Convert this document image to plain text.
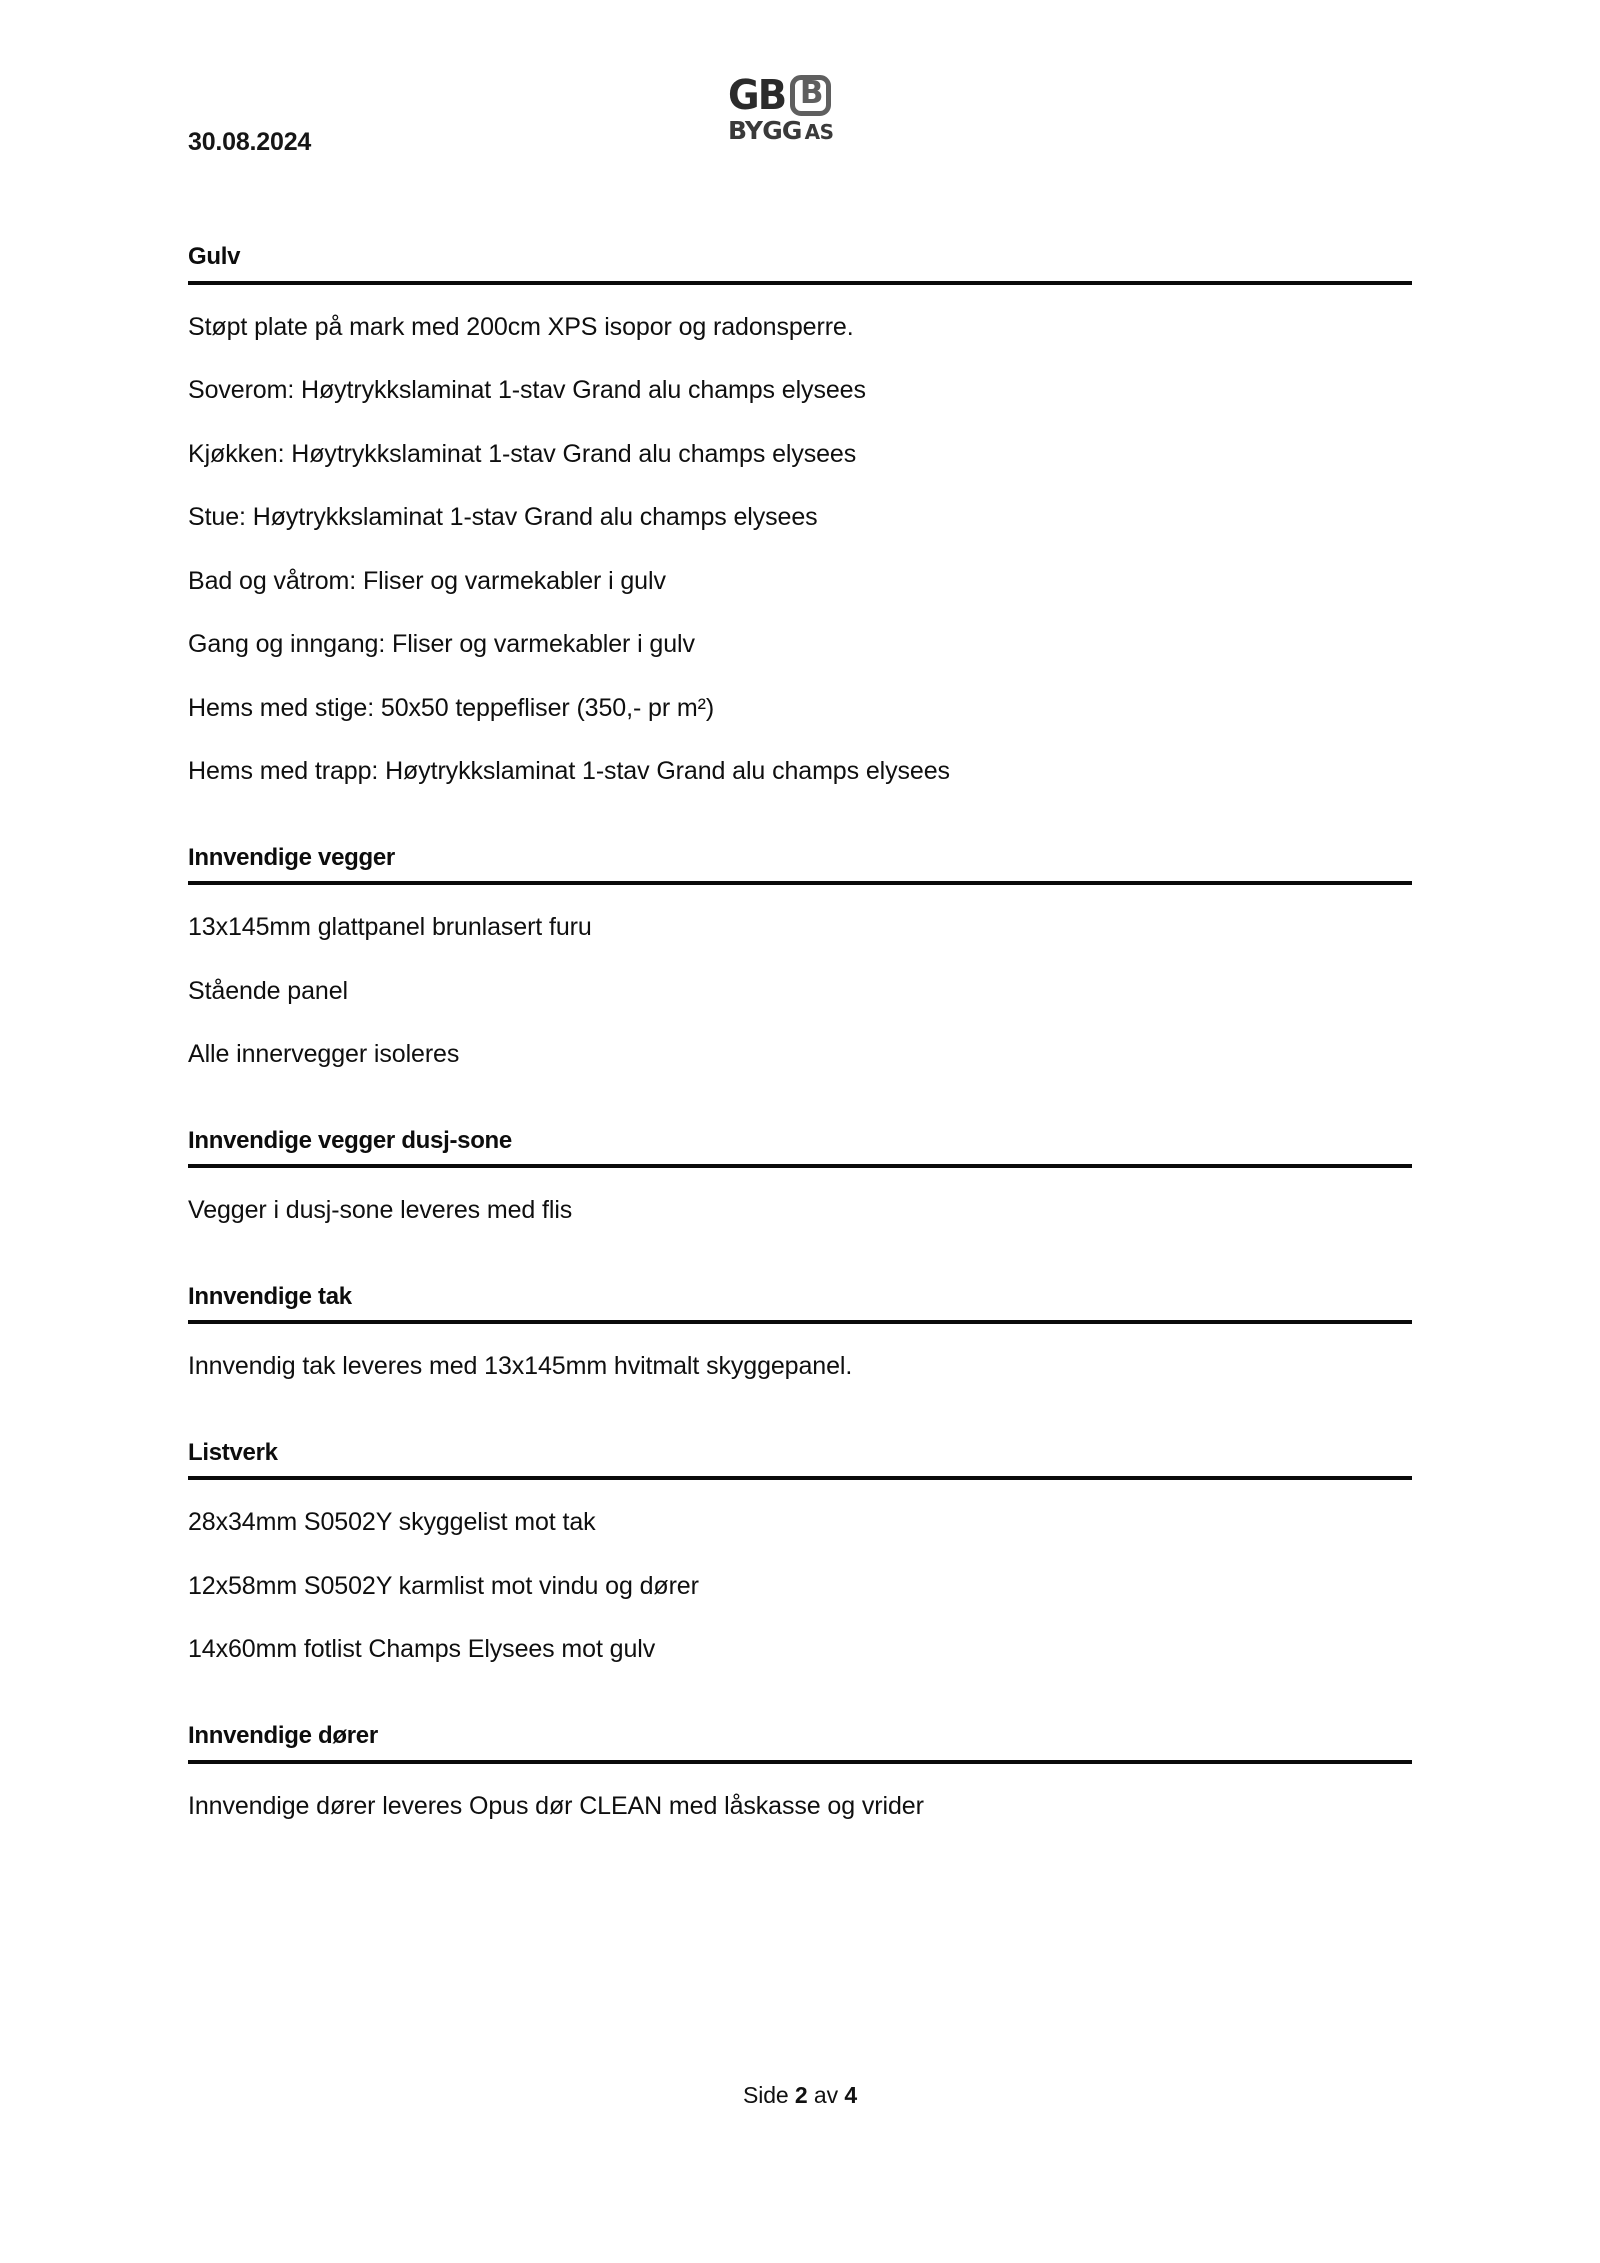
30.08.2024
GB
B
BYGG AS
Gulv

Støpt plate på mark med 200cm XPS isopor og radonsperre.

Soverom: Høytrykkslaminat 1-stav Grand alu champs elysees

Kjøkken: Høytrykkslaminat 1-stav Grand alu champs elysees

Stue: Høytrykkslaminat 1-stav Grand alu champs elysees

Bad og våtrom: Fliser og varmekabler i gulv

Gang og inngang: Fliser og varmekabler i gulv

Hems med stige: 50x50 teppefliser (350,- pr m²)

Hems med trapp: Høytrykkslaminat 1-stav Grand alu champs elysees

Innvendige vegger

13x145mm glattpanel brunlasert furu

Stående panel

Alle innervegger isoleres

Innvendige vegger dusj-sone

Vegger i dusj-sone leveres med flis

Innvendige tak

Innvendig tak leveres med 13x145mm hvitmalt skyggepanel.

Listverk

28x34mm S0502Y skyggelist mot tak

12x58mm S0502Y karmlist mot vindu og dører

14x60mm fotlist Champs Elysees mot gulv

Innvendige dører

Innvendige dører leveres Opus dør CLEAN med låskasse og vrider

Side 2 av 4
